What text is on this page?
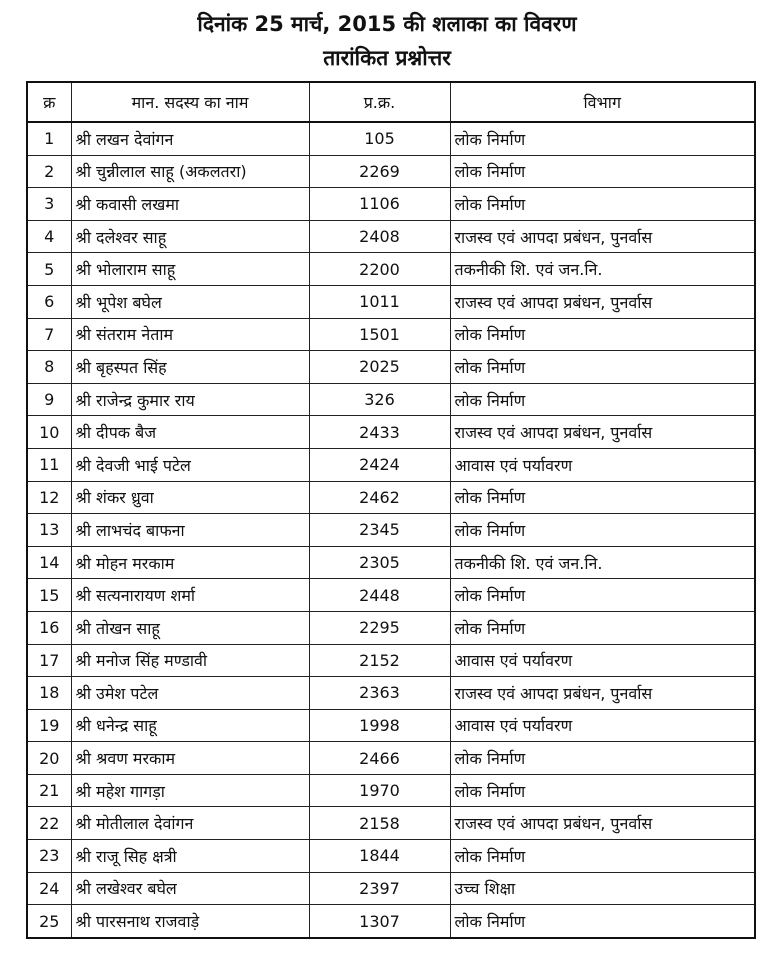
दिनांक 25 मार्च, 2015 की शलाका का विवरण
तारांकित प्रश्नोत्तर
क्र	मान. सदस्य का नाम	प्र.क्र.	विभाग
1	श्री लखन देवांगन	105	लोक निर्माण
2	श्री चुन्नीलाल साहू (अकलतरा)	2269	लोक निर्माण
3	श्री कवासी लखमा	1106	लोक निर्माण
4	श्री दलेश्वर साहू	2408	राजस्व एवं आपदा प्रबंधन, पुनर्वास
5	श्री भोलाराम साहू	2200	तकनीकी शि. एवं जन.नि.
6	श्री भूपेश बघेल	1011	राजस्व एवं आपदा प्रबंधन, पुनर्वास
7	श्री संतराम नेताम	1501	लोक निर्माण
8	श्री बृहस्पत सिंह	2025	लोक निर्माण
9	श्री राजेन्द्र कुमार राय	326	लोक निर्माण
10	श्री दीपक बैज	2433	राजस्व एवं आपदा प्रबंधन, पुनर्वास
11	श्री देवजी भाई पटेल	2424	आवास एवं पर्यावरण
12	श्री शंकर ध्रुवा	2462	लोक निर्माण
13	श्री लाभचंद बाफना	2345	लोक निर्माण
14	श्री मोहन मरकाम	2305	तकनीकी शि. एवं जन.नि.
15	श्री सत्यनारायण शर्मा	2448	लोक निर्माण
16	श्री तोखन साहू	2295	लोक निर्माण
17	श्री मनोज सिंह मण्डावी	2152	आवास एवं पर्यावरण
18	श्री उमेश पटेल	2363	राजस्व एवं आपदा प्रबंधन, पुनर्वास
19	श्री धनेन्द्र साहू	1998	आवास एवं पर्यावरण
20	श्री श्रवण मरकाम	2466	लोक निर्माण
21	श्री महेश गागड़ा	1970	लोक निर्माण
22	श्री मोतीलाल देवांगन	2158	राजस्व एवं आपदा प्रबंधन, पुनर्वास
23	श्री राजू सिह क्षत्री	1844	लोक निर्माण
24	श्री लखेश्वर बघेल	2397	उच्च शिक्षा
25	श्री पारसनाथ राजवाड़े	1307	लोक निर्माण
